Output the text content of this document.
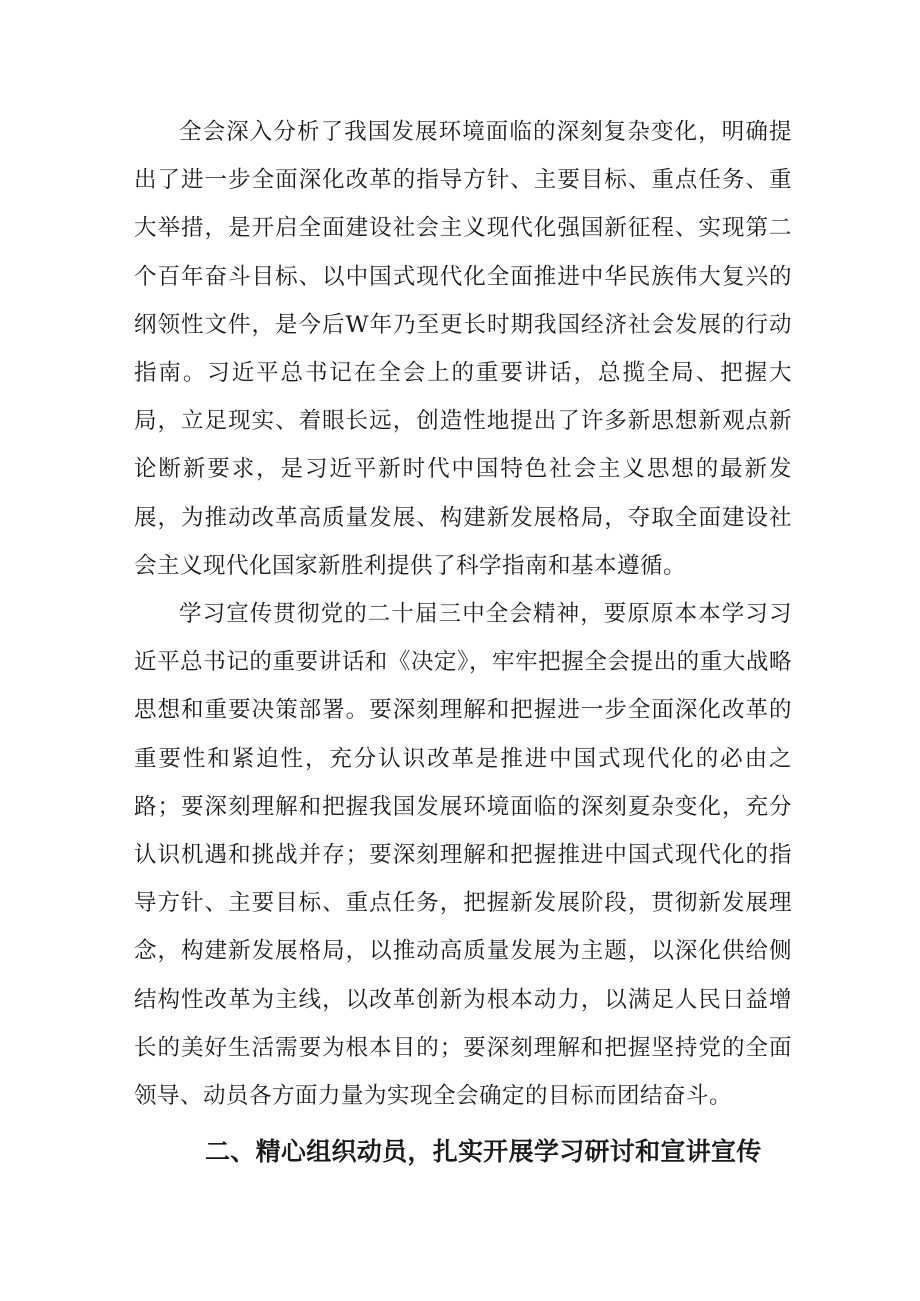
全会深入分析了我国发展环境面临的深刻复杂变化，明确提出了进一步全面深化改革的指导方针、主要目标、重点任务、重大举措，是开启全面建设社会主义现代化强国新征程、实现第二个百年奋斗目标、以中国式现代化全面推进中华民族伟大复兴的纲领性文件，是今后W年乃至更长时期我国经济社会发展的行动指南。习近平总书记在全会上的重要讲话，总揽全局、把握大局，立足现实、着眼长远，创造性地提出了许多新思想新观点新论断新要求，是习近平新时代中国特色社会主义思想的最新发展，为推动改革高质量发展、构建新发展格局，夺取全面建设社会主义现代化国家新胜利提供了科学指南和基本遵循。

学习宣传贯彻党的二十届三中全会精神，要原原本本学习习近平总书记的重要讲话和《决定》，牢牢把握全会提出的重大战略思想和重要决策部署。要深刻理解和把握进一步全面深化改革的重要性和紧迫性，充分认识改革是推进中国式现代化的必由之路；要深刻理解和把握我国发展环境面临的深刻夏杂变化，充分认识机遇和挑战并存；要深刻理解和把握推进中国式现代化的指导方针、主要目标、重点任务，把握新发展阶段，贯彻新发展理念，构建新发展格局，以推动高质量发展为主题，以深化供给侧结构性改革为主线，以改革创新为根本动力，以满足人民日益增长的美好生活需要为根本目的；要深刻理解和把握坚持党的全面领导、动员各方面力量为实现全会确定的目标而团结奋斗。

二、精心组织动员，扎实开展学习研讨和宣讲宣传
